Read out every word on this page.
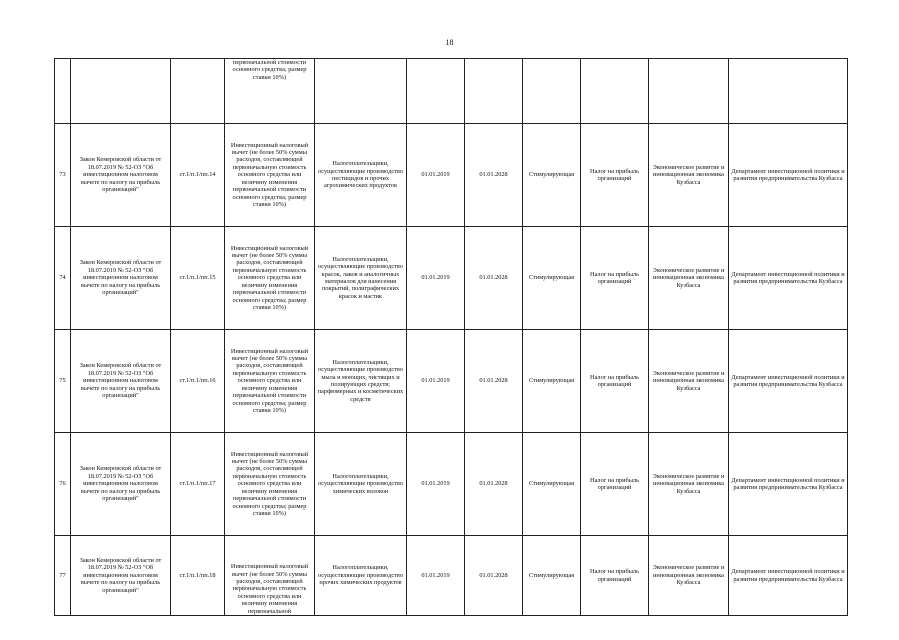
18
			первоначальной стоимости основного средства; размер ставки 10%)							
73	Закон Кемеровской области от 18.07.2019 № 52-ОЗ "Об инвестиционном налоговом вычете по налогу на прибыль организаций"	ст.1/п.1/пп.14	Инвестиционный налоговый вычет (не более 50% суммы расходов, составляющей первоначальную стоимость основного средства или величину изменения первоначальной стоимости основного средства; размер ставки 10%)	Налогоплательщики, осуществляющие производство пестицидов и прочих агрохимических продуктов	01.01.2019	01.01.2028	Стимулирующая	Налог на прибыль организаций	Экономическое развитие и инновационная экономика Кузбасса	Департамент инвестиционной политики и развития предпринимательства Кузбасса
74	Закон Кемеровской области от 18.07.2019 № 52-ОЗ "Об инвестиционном налоговом вычете по налогу на прибыль организаций"	ст.1/п.1/пп.15	Инвестиционный налоговый вычет (не более 50% суммы расходов, составляющей первоначальную стоимость основного средства или величину изменения первоначальной стоимости основного средства; размер ставки 10%)	Налогоплательщики, осуществляющие производство красок, лаков и аналогичных материалов для нанесения покрытий, полиграфических красок и мастик	01.01.2019	01.01.2028	Стимулирующая	Налог на прибыль организаций	Экономическое развитие и инновационная экономика Кузбасса	Департамент инвестиционной политики и развития предпринимательства Кузбасса
75	Закон Кемеровской области от 18.07.2019 № 52-ОЗ "Об инвестиционном налоговом вычете по налогу на прибыль организаций"	ст.1/п.1/пп.16	Инвестиционный налоговый вычет (не более 50% суммы расходов, составляющей первоначальную стоимость основного средства или величину изменения первоначальной стоимости основного средства; размер ставки 10%)	Налогоплательщики, осуществляющие производство мыла и моющих, чистящих и полирующих средств; парфюмерных и косметических средств	01.01.2019	01.01.2028	Стимулирующая	Налог на прибыль организаций	Экономическое развитие и инновационная экономика Кузбасса	Департамент инвестиционной политики и развития предпринимательства Кузбасса
76	Закон Кемеровской области от 18.07.2019 № 52-ОЗ "Об инвестиционном налоговом вычете по налогу на прибыль организаций"	ст.1/п.1/пп.17	Инвестиционный налоговый вычет (не более 50% суммы расходов, составляющей первоначальную стоимость основного средства или величину изменения первоначальной стоимости основного средства; размер ставки 10%)	Налогоплательщики, осуществляющие производство химических волокон	01.01.2019	01.01.2028	Стимулирующая	Налог на прибыль организаций	Экономическое развитие и инновационная экономика Кузбасса	Департамент инвестиционной политики и развития предпринимательства Кузбасса
77	Закон Кемеровской области от 18.07.2019 № 52-ОЗ "Об инвестиционном налоговом вычете по налогу на прибыль организаций"	ст.1/п.1/пп.18	Инвестиционный налоговый вычет (не более 50% суммы расходов, составляющей первоначальную стоимость основного средства или величину изменения первоначальной	Налогоплательщики, осуществляющие производство прочих химических продуктов	01.01.2019	01.01.2028	Стимулирующая	Налог на прибыль организаций	Экономическое развитие и инновационная экономика Кузбасса	Департамент инвестиционной политики и развития предпринимательства Кузбасса
